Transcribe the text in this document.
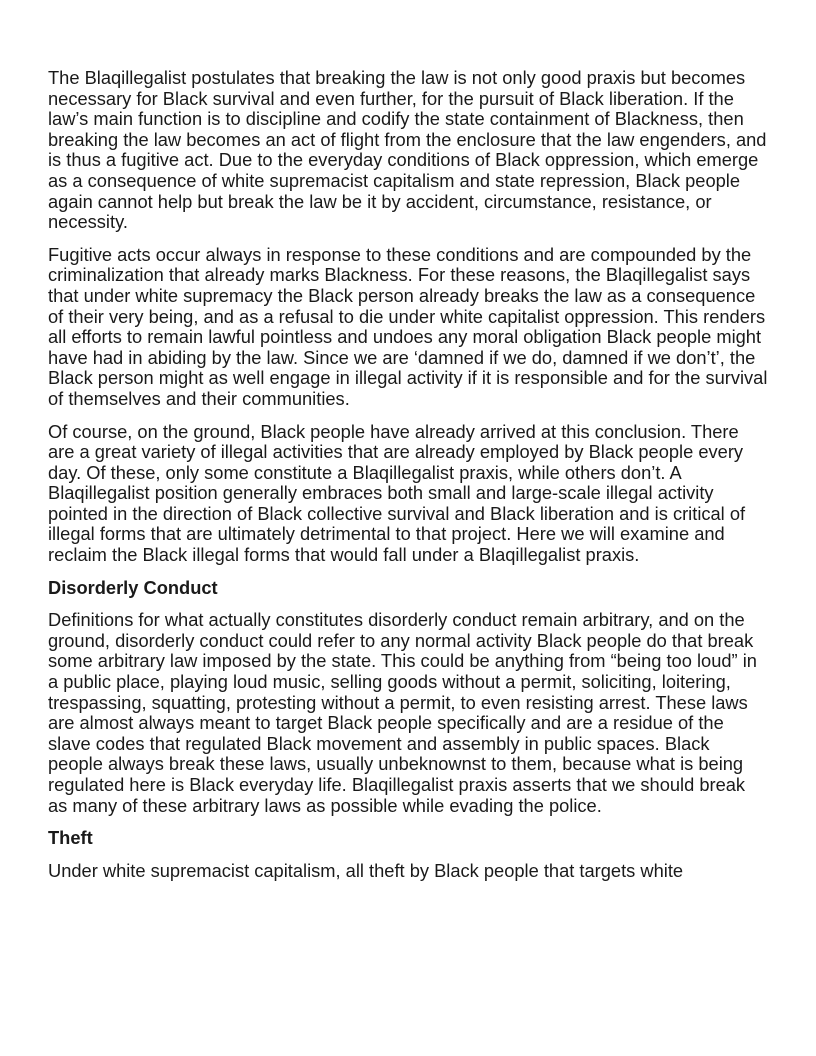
The Blaqillegalist postulates that breaking the law is not only good praxis but becomes necessary for Black survival and even further, for the pursuit of Black liberation. If the law’s main function is to discipline and codify the state containment of Blackness, then breaking the law becomes an act of flight from the enclosure that the law engenders, and is thus a fugitive act. Due to the everyday conditions of Black oppression, which emerge as a consequence of white supremacist capitalism and state repression, Black people again cannot help but break the law be it by accident, circumstance, resistance, or necessity.

Fugitive acts occur always in response to these conditions and are compounded by the criminalization that already marks Blackness. For these reasons, the Blaqillegalist says that under white supremacy the Black person already breaks the law as a consequence of their very being, and as a refusal to die under white capitalist oppression. This renders all efforts to remain lawful pointless and undoes any moral obligation Black people might have had in abiding by the law. Since we are ‘damned if we do, damned if we don’t’, the Black person might as well engage in illegal activity if it is responsible and for the survival of themselves and their communities.

Of course, on the ground, Black people have already arrived at this conclusion. There are a great variety of illegal activities that are already employed by Black people every day. Of these, only some constitute a Blaqillegalist praxis, while others don’t. A Blaqillegalist position generally embraces both small and large-scale illegal activity pointed in the direction of Black collective survival and Black liberation and is critical of illegal forms that are ultimately detrimental to that project. Here we will examine and reclaim the Black illegal forms that would fall under a Blaqillegalist praxis.

Disorderly Conduct

Definitions for what actually constitutes disorderly conduct remain arbitrary, and on the ground, disorderly conduct could refer to any normal activity Black people do that break some arbitrary law imposed by the state. This could be anything from “being too loud” in a public place, playing loud music, selling goods without a permit, soliciting, loitering, trespassing, squatting, protesting without a permit, to even resisting arrest. These laws are almost always meant to target Black people specifically and are a residue of the slave codes that regulated Black movement and assembly in public spaces. Black people always break these laws, usually unbeknownst to them, because what is being regulated here is Black everyday life. Blaqillegalist praxis asserts that we should break as many of these arbitrary laws as possible while evading the police.

Theft

Under white supremacist capitalism, all theft by Black people that targets white
